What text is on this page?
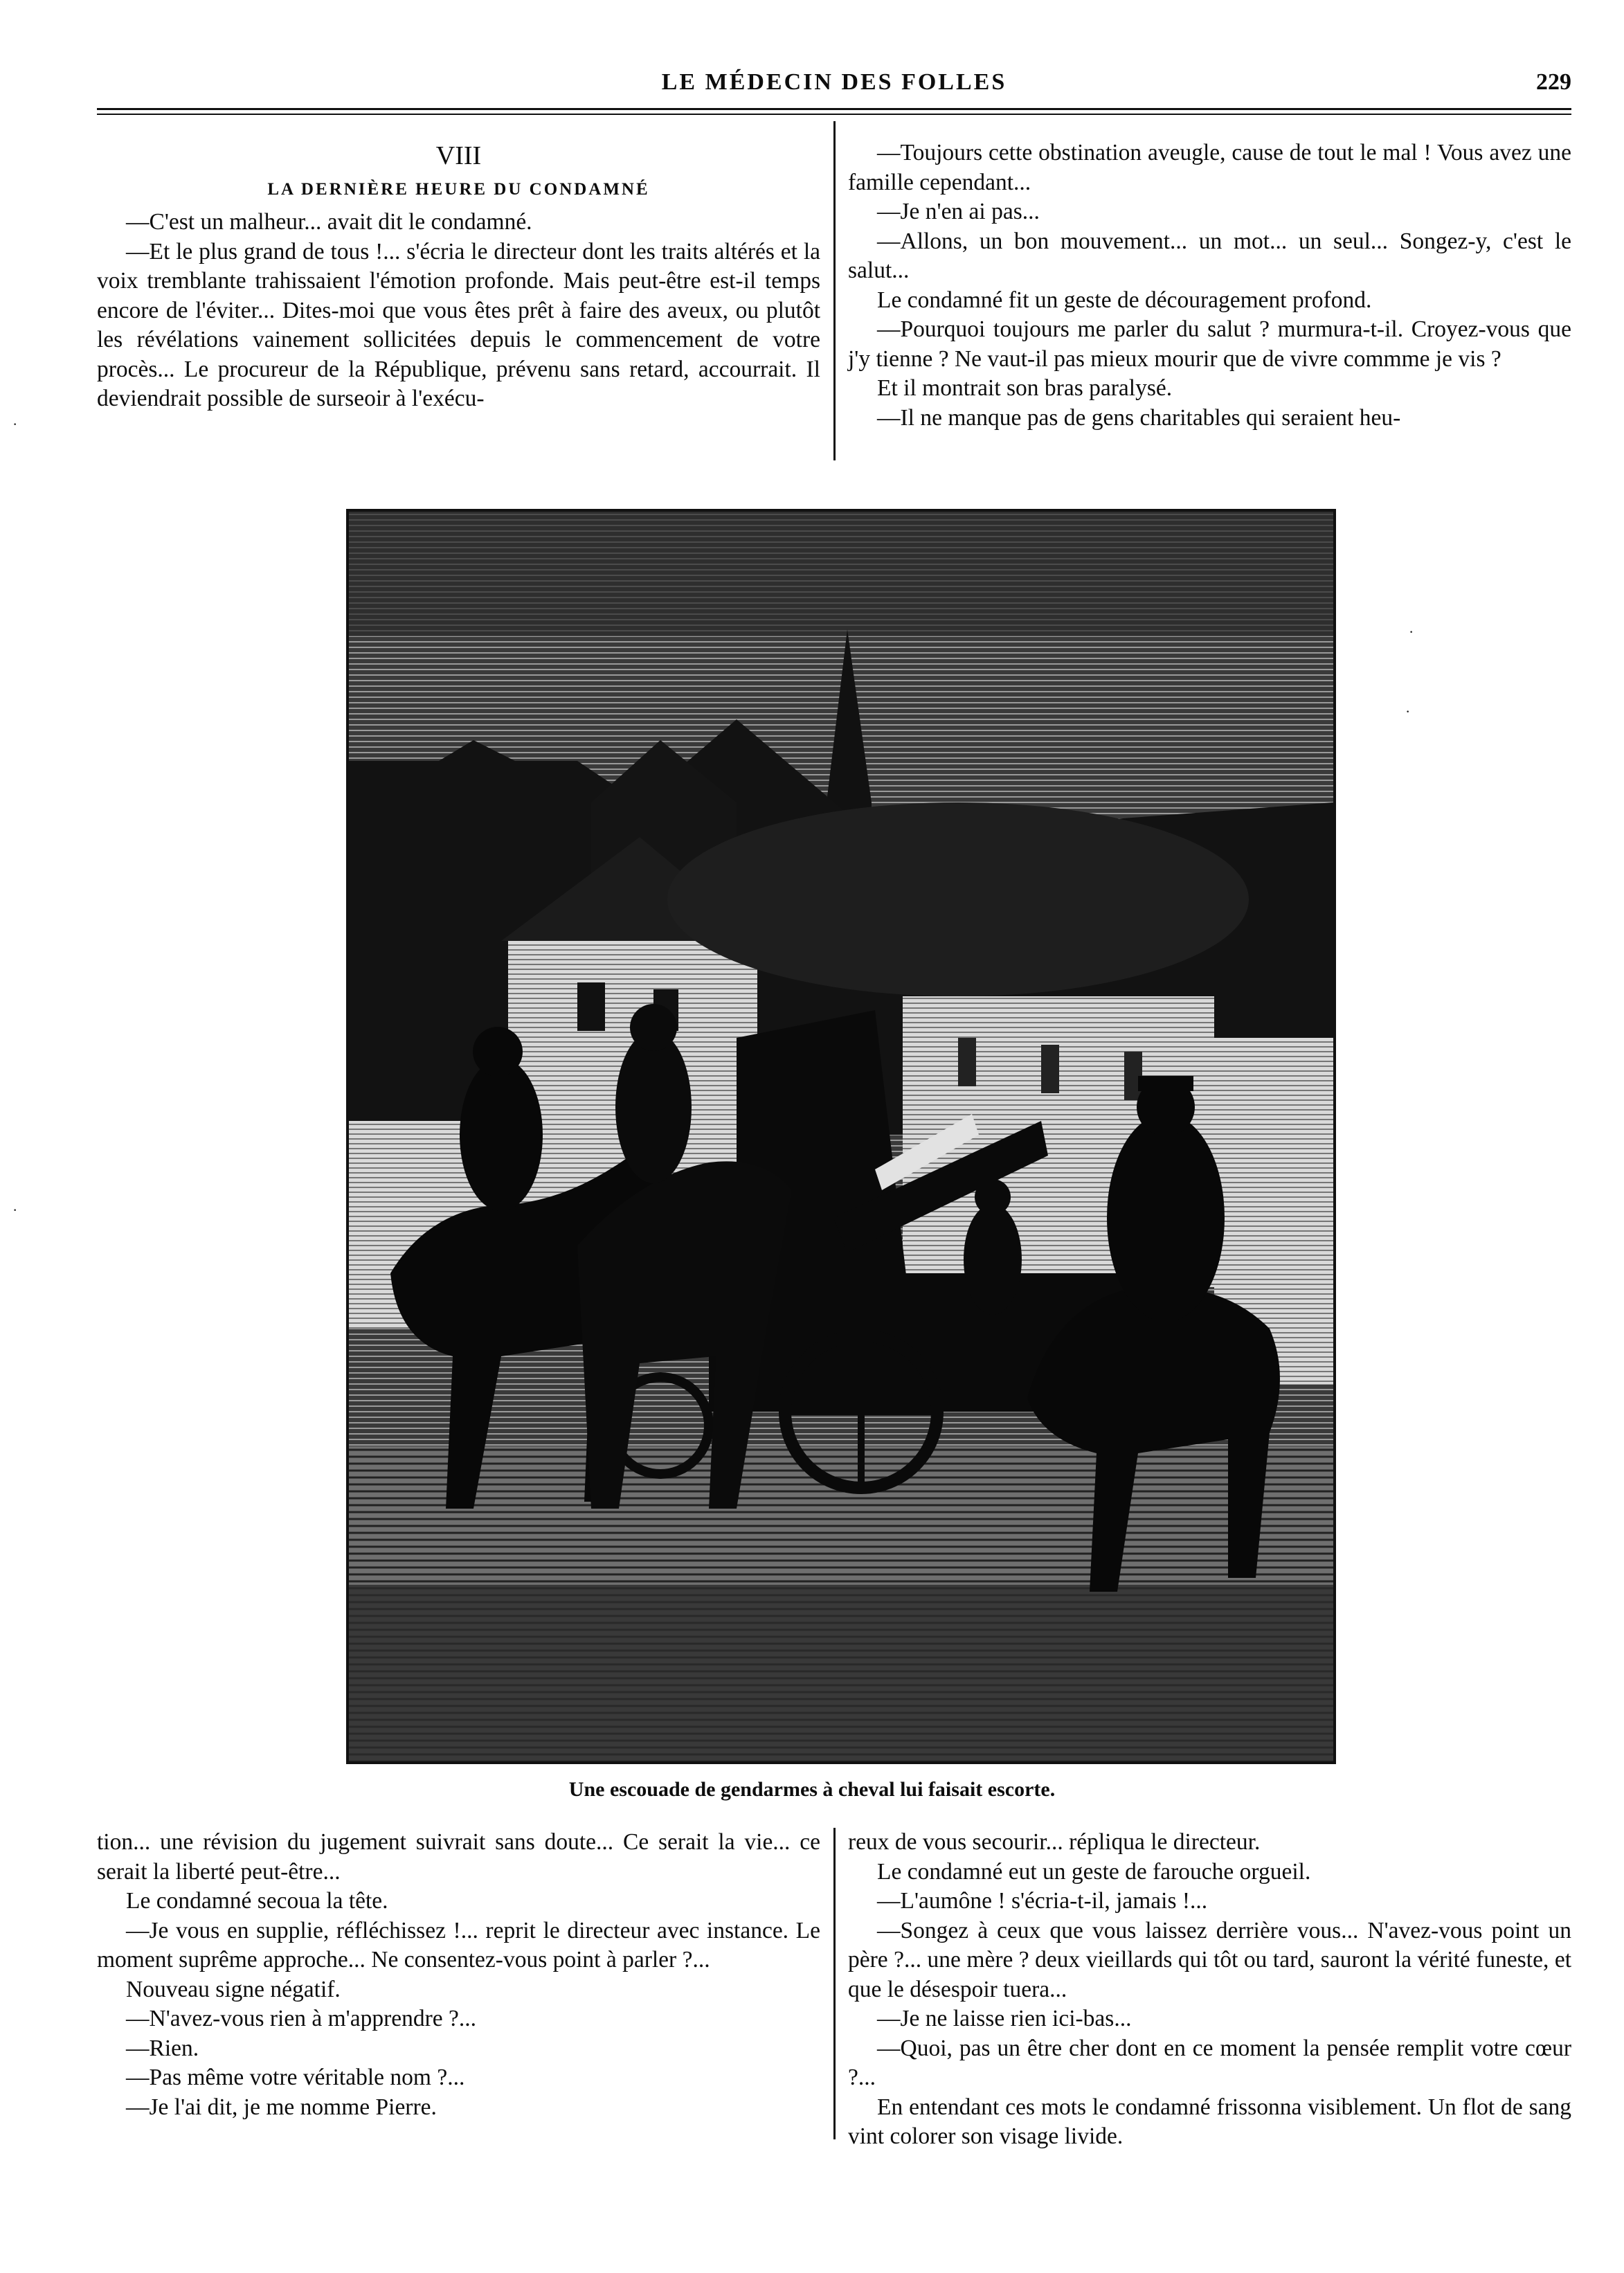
LE MÉDECIN DES FOLLES	229
VIII
LA DERNIÈRE HEURE DU CONDAMNÉ

—C'est un malheur... avait dit le condamné.

—Et le plus grand de tous !... s'écria le directeur dont les traits altérés et la voix tremblante trahissaient l'émotion profonde. Mais peut-être est-il temps encore de l'éviter... Dites-moi que vous êtes prêt à faire des aveux, ou plutôt les révélations vainement sollicitées depuis le commencement de votre procès... Le procureur de la République, prévenu sans retard, accourrait. Il deviendrait possible de surseoir à l'exécu-

—Toujours cette obstination aveugle, cause de tout le mal ! Vous avez une famille cependant...

—Je n'en ai pas...

—Allons, un bon mouvement... un mot... un seul... Songez-y, c'est le salut...

Le condamné fit un geste de découragement profond.

—Pourquoi toujours me parler du salut ? murmura-t-il. Croyez-vous que j'y tienne ? Ne vaut-il pas mieux mourir que de vivre commme je vis ?

Et il montrait son bras paralysé.

—Il ne manque pas de gens charitables qui seraient heu-

Une escouade de gendarmes à cheval lui faisait escorte.

tion... une révision du jugement suivrait sans doute... Ce serait la vie... ce serait la liberté peut-être...

Le condamné secoua la tête.

—Je vous en supplie, réfléchissez !... reprit le directeur avec instance. Le moment suprême approche... Ne consentez-vous point à parler ?...

Nouveau signe négatif.

—N'avez-vous rien à m'apprendre ?...

—Rien.

—Pas même votre véritable nom ?...

—Je l'ai dit, je me nomme Pierre.

reux de vous secourir... répliqua le directeur.

Le condamné eut un geste de farouche orgueil.

—L'aumône ! s'écria-t-il, jamais !...

—Songez à ceux que vous laissez derrière vous... N'avez-vous point un père ?... une mère ? deux vieillards qui tôt ou tard, sauront la vérité funeste, et que le désespoir tuera...

—Je ne laisse rien ici-bas...

—Quoi, pas un être cher dont en ce moment la pensée remplit votre cœur ?...

En entendant ces mots le condamné frissonna visiblement. Un flot de sang vint colorer son visage livide.

·
·
·
·
